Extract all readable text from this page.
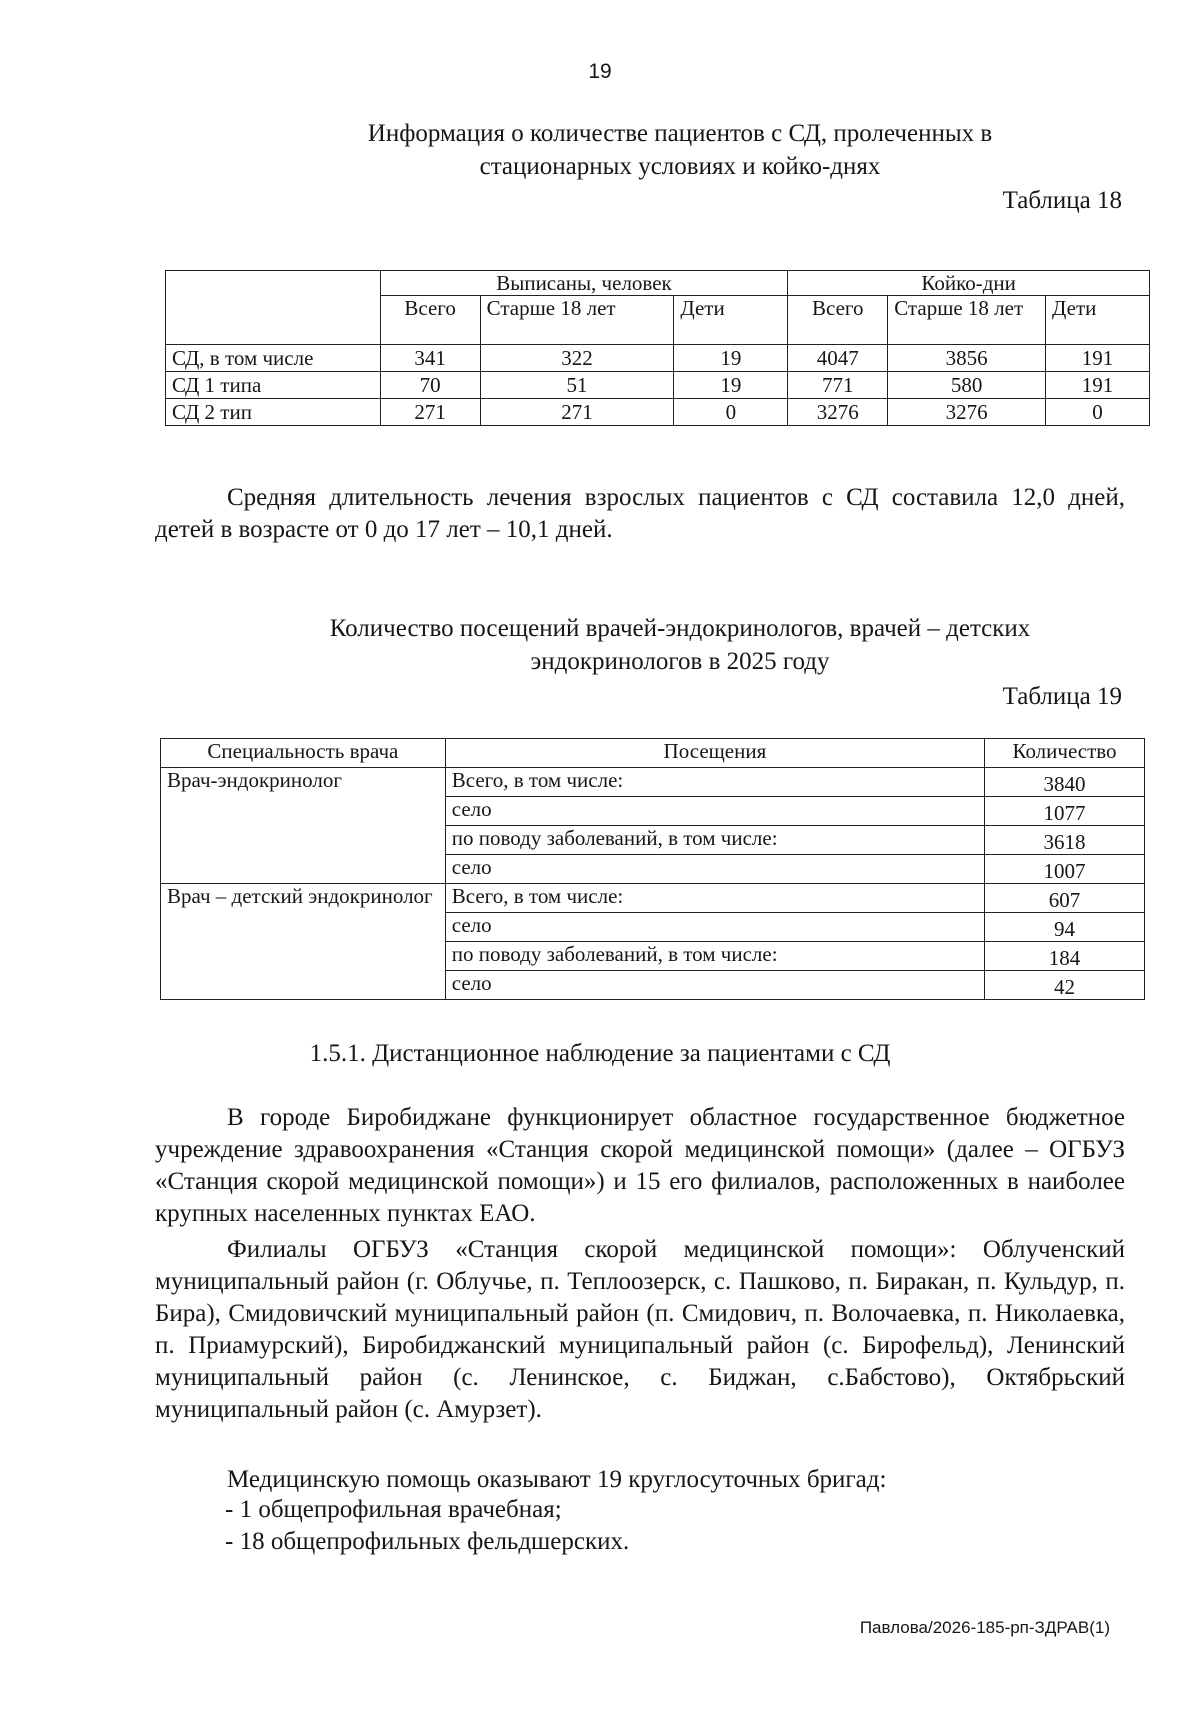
19
Информация о количестве пациентов с СД, пролеченных в
стационарных условиях и койко-днях
Таблица 18
	Выписаны, человек			Койко-дни		
	Всего	Старше 18 лет	Дети	Всего	Старше 18 лет	Дети
СД, в том числе	341	322	19	4047	3856	191
СД 1 типа	70	51	19	771	580	191
СД 2 тип	271	271	0	3276	3276	0

Средняя длительность лечения взрослых пациентов с СД составила 12,0 дней, детей в возрасте от 0 до 17 лет – 10,1 дней.

Количество посещений врачей-эндокринологов, врачей – детских
эндокринологов в 2025 году
Таблица 19
Специальность врача	Посещения	Количество
Врач-эндокринолог	Всего, в том числе:	3840
	село	1077
	по поводу заболеваний, в том числе:	3618
	село	1007
Врач – детский эндокринолог	Всего, в том числе:	607
	село	94
	по поводу заболеваний, в том числе:	184
	село	42
1.5.1. Дистанционное наблюдение за пациентами с СД

В городе Биробиджане функционирует областное государственное бюджетное учреждение здравоохранения «Станция скорой медицинской помощи» (далее – ОГБУЗ «Станция скорой медицинской помощи») и 15 его филиалов, расположенных в наиболее крупных населенных пунктах ЕАО.

Филиалы ОГБУЗ «Станция скорой медицинской помощи»: Облученский муниципальный район (г. Облучье, п. Теплоозерск, с. Пашково, п. Биракан, п. Кульдур, п. Бира), Смидовичский муниципальный район (п. Смидович, п. Волочаевка, п. Николаевка, п. Приамурский), Биробиджанский муниципальный район (с. Бирофельд), Ленинский муниципальный район (с. Ленинское, с. Биджан, с.Бабстово), Октябрьский муниципальный район (с. Амурзет).

Медицинскую помощь оказывают 19 круглосуточных бригад:

- 1 общепрофильная врачебная;
- 18 общепрофильных фельдшерских.
Павлова/2026-185-рп-ЗДРАВ(1)
